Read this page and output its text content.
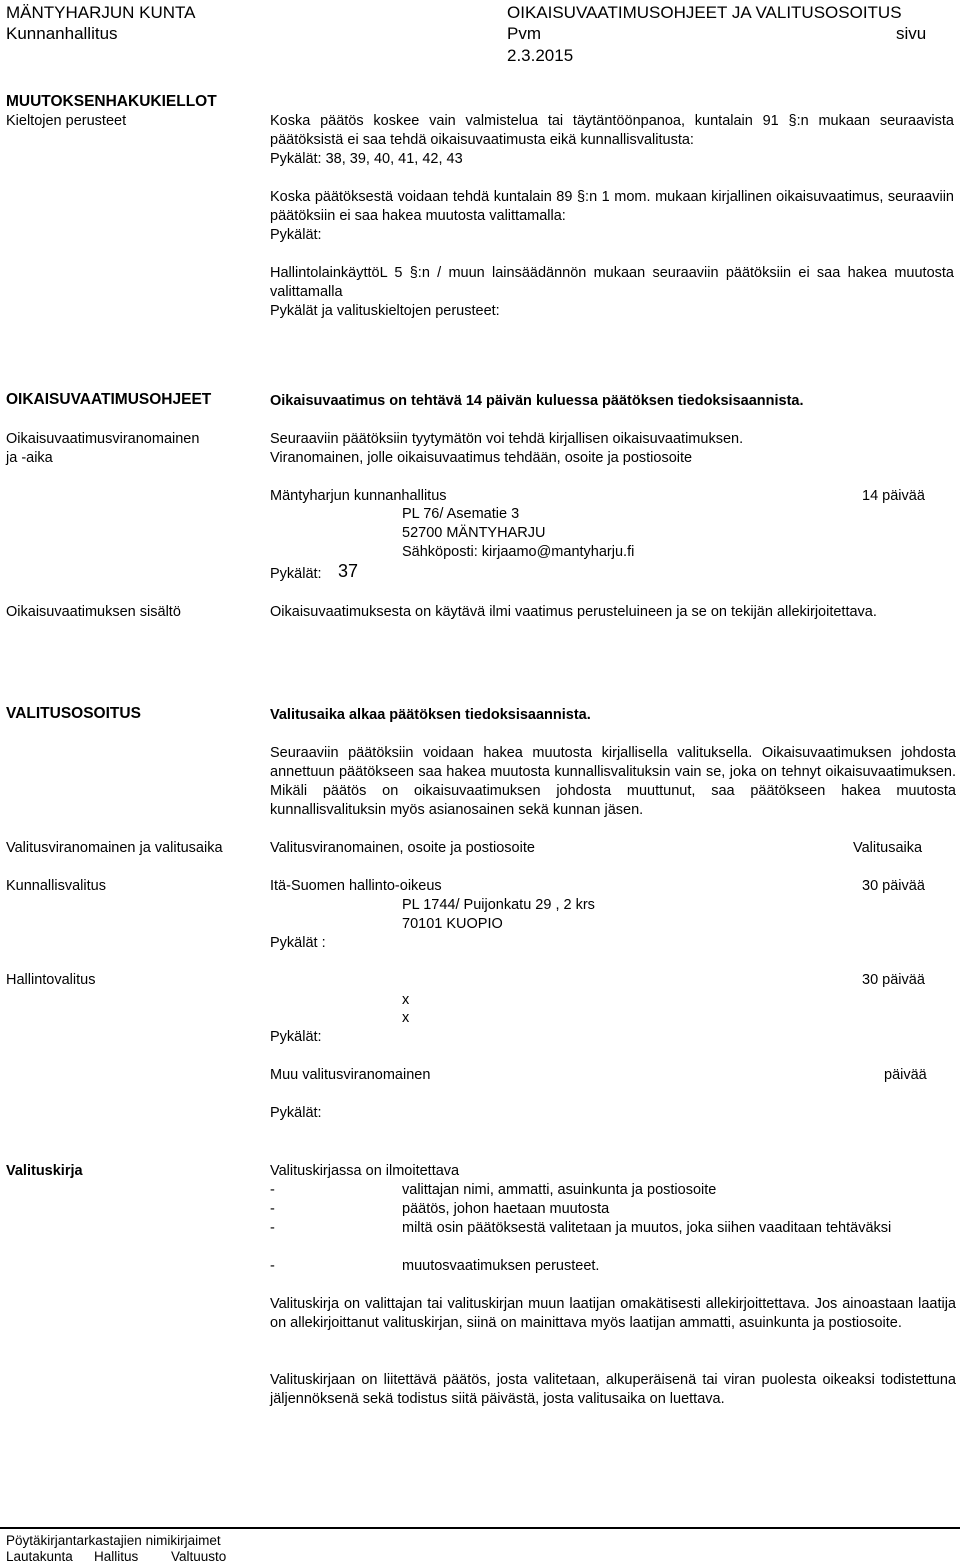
MÄNTYHARJUN KUNTA
Kunnanhallitus
OIKAISUVAATIMUSOHJEET JA VALITUSOSOITUS
Pvm	sivu
2.3.2015
MUUTOKSENHAKUKIELLOT
Kieltojen perusteet	Koska päätös koskee vain valmistelua tai täytäntöönpanoa, kuntalain 91 §:n mukaan seuraavista päätöksistä ei saa tehdä oikaisuvaatimusta eikä kunnallisvalitusta:
Pykälät: 38, 39, 40, 41, 42, 43
Koska päätöksestä voidaan tehdä kuntalain 89 §:n 1 mom. mukaan kirjallinen oikaisuvaatimus, seuraaviin päätöksiin ei saa hakea muutosta valittamalla:
Pykälät:
HallintolainkäyttöL 5 §:n / muun lainsäädännön mukaan seuraaviin päätöksiin ei saa hakea muutosta valittamalla
Pykälät ja valituskieltojen perusteet:
OIKAISUVAATIMUSOHJEET	Oikaisuvaatimus on tehtävä 14 päivän kuluessa päätöksen tiedoksisaannista.
Oikaisuvaatimusviranomainen
ja -aika
Seuraaviin päätöksiin tyytymätön voi tehdä kirjallisen oikaisuvaatimuksen.
Viranomainen, jolle oikaisuvaatimus tehdään, osoite ja postiosoite
Mäntyharjun kunnanhallitus	14 päivää
PL 76/ Asematie 3
52700 MÄNTYHARJU
Sähköposti: kirjaamo@mantyharju.fi
Pykälät: 37
Oikaisuvaatimuksen sisältö	Oikaisuvaatimuksesta on käytävä ilmi vaatimus perusteluineen ja se on tekijän allekirjoitettava.
VALITUSOSOITUS	Valitusaika alkaa päätöksen tiedoksisaannista.
Seuraaviin päätöksiin voidaan hakea muutosta kirjallisella valituksella. Oikaisuvaatimuksen johdosta annettuun päätökseen saa hakea muutosta kunnallisvalituksin vain se, joka on tehnyt oikaisuvaatimuksen. Mikäli päätös on oikaisuvaatimuksen johdosta muuttunut, saa päätökseen hakea muutosta kunnallisvalituksin myös asianosainen sekä kunnan jäsen.
Valitusviranomainen ja valitusaika	Valitusviranomainen, osoite ja postiosoite	Valitusaika
Kunnallisvalitus	Itä-Suomen hallinto-oikeus	30 päivää
PL 1744/ Puijonkatu 29 , 2 krs
70101 KUOPIO
Pykälät :
Hallintovalitus	30 päivää
x
x
Pykälät:
Muu valitusviranomainen	päivää
Pykälät:
Valituskirja	Valituskirjassa on ilmoitettava
-	valittajan nimi, ammatti, asuinkunta ja postiosoite
-	päätös, johon haetaan muutosta
-	miltä osin päätöksestä valitetaan ja muutos, joka siihen vaaditaan tehtäväksi
-	muutosvaatimuksen perusteet.
Valituskirja on valittajan tai valituskirjan muun laatijan omakätisesti allekirjoittettava. Jos ainoastaan laatija on allekirjoittanut valituskirjan, siinä on mainittava myös laatijan ammatti, asuinkunta ja postiosoite.
Valituskirjaan on liitettävä päätös, josta valitetaan, alkuperäisenä tai viran puolesta oikeaksi todistettuna jäljennöksenä sekä todistus siitä päivästä, josta valitusaika on luettava.
Pöytäkirjantarkastajien nimikirjaimet
Lautakunta Hallitus Valtuusto
